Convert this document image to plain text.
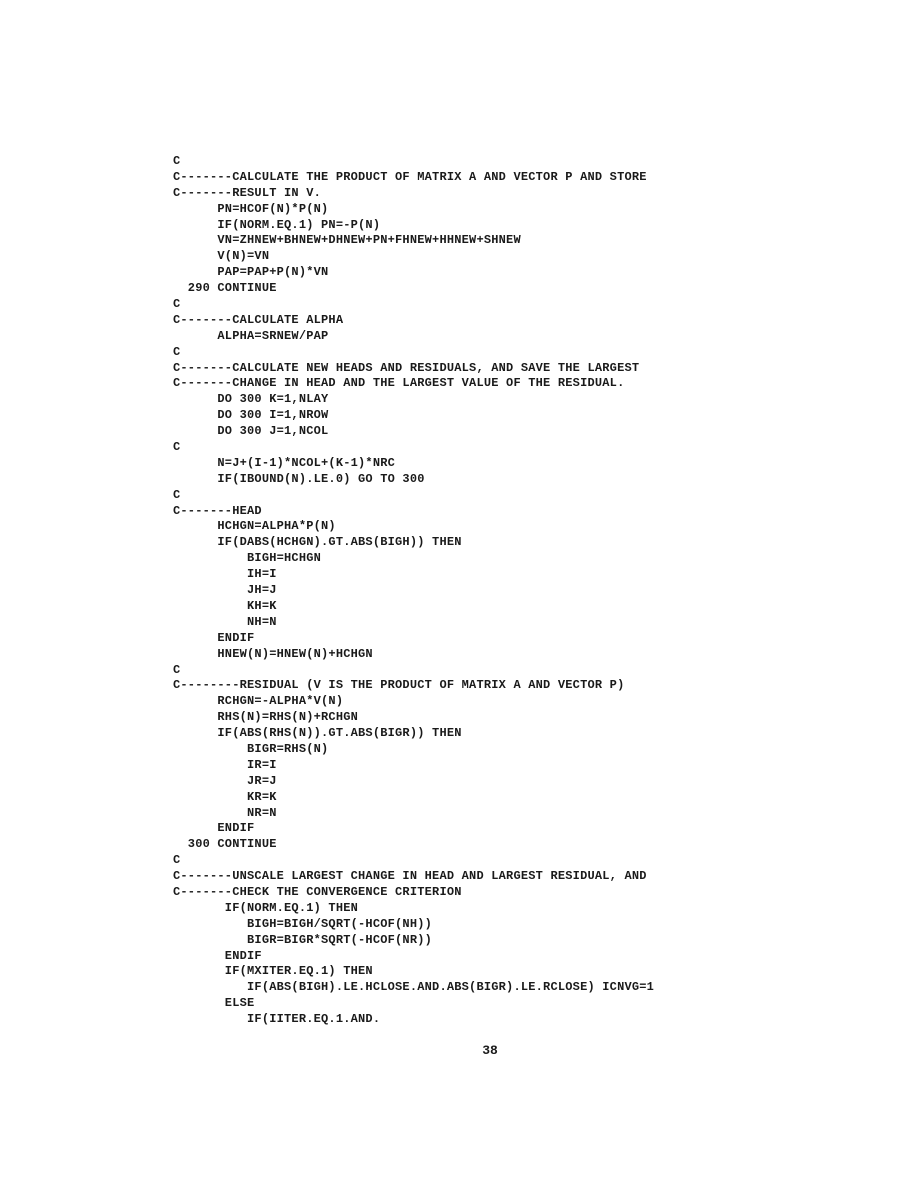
C
C-------CALCULATE THE PRODUCT OF MATRIX A AND VECTOR P AND STORE
C-------RESULT IN V.
PN=HCOF(N)*P(N)
IF(NORM.EQ.1) PN=-P(N)
VN=ZHNEW+BHNEW+DHNEW+PN+FHNEW+HHNEW+SHNEW
V(N)=VN
PAP=PAP+P(N)*VN
290 CONTINUE
C
C-------CALCULATE ALPHA
ALPHA=SRNEW/PAP
C
C-------CALCULATE NEW HEADS AND RESIDUALS, AND SAVE THE LARGEST
C-------CHANGE IN HEAD AND THE LARGEST VALUE OF THE RESIDUAL.
DO 300 K=1,NLAY
DO 300 I=1,NROW
DO 300 J=1,NCOL
C
N=J+(I-1)*NCOL+(K-1)*NRC
IF(IBOUND(N).LE.0) GO TO 300
C
C-------HEAD
HCHGN=ALPHA*P(N)
IF(DABS(HCHGN).GT.ABS(BIGH)) THEN
BIGH=HCHGN
IH=I
JH=J
KH=K
NH=N
ENDIF
HNEW(N)=HNEW(N)+HCHGN
C
C--------RESIDUAL (V IS THE PRODUCT OF MATRIX A AND VECTOR P)
RCHGN=-ALPHA*V(N)
RHS(N)=RHS(N)+RCHGN
IF(ABS(RHS(N)).GT.ABS(BIGR)) THEN
BIGR=RHS(N)
IR=I
JR=J
KR=K
NR=N
ENDIF
300 CONTINUE
C
C-------UNSCALE LARGEST CHANGE IN HEAD AND LARGEST RESIDUAL, AND
C-------CHECK THE CONVERGENCE CRITERION
IF(NORM.EQ.1) THEN
BIGH=BIGH/SQRT(-HCOF(NH))
BIGR=BIGR*SQRT(-HCOF(NR))
ENDIF
IF(MXITER.EQ.1) THEN
IF(ABS(BIGH).LE.HCLOSE.AND.ABS(BIGR).LE.RCLOSE) ICNVG=1
ELSE
IF(IITER.EQ.1.AND.
38
